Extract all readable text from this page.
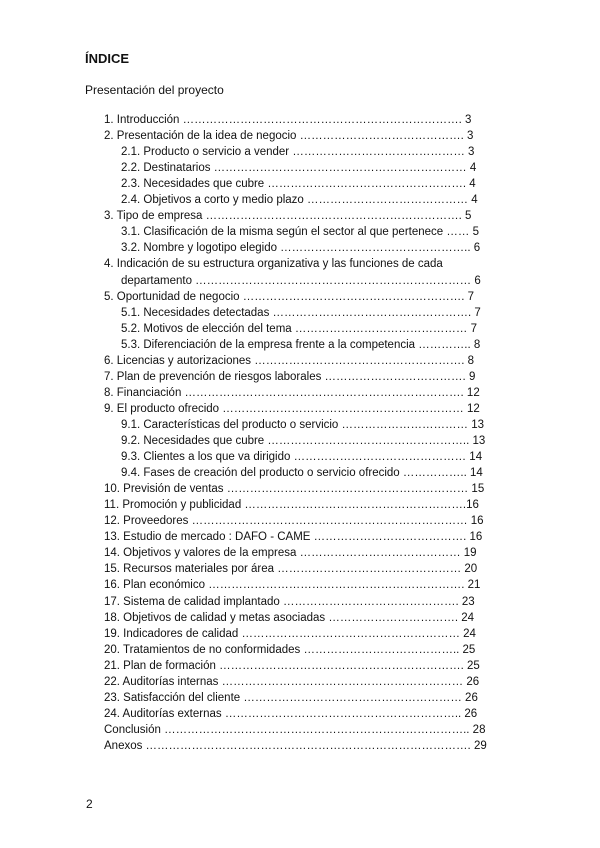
ÍNDICE
Presentación del proyecto
1. Introducción ………………………………………………………………. 3
2. Presentación de la idea de negocio ……………………………………. 3
2.1. Producto o servicio a vender ……………………………………… 3
2.2. Destinatarios ………………………………………………………… 4
2.3. Necesidades que cubre ……………………………………………. 4
2.4. Objetivos a corto y medio plazo …………………………………… 4
3. Tipo de empresa …………………………………………………………. 5
3.1. Clasificación de la misma según el sector al que pertenece …… 5
3.2. Nombre y logotipo elegido ………………………………………….. 6
4. Indicación de su estructura organizativa y las funciones de cada
departamento ……………………………………………………………… 6
5. Oportunidad de negocio …………………………………………………. 7
5.1. Necesidades detectadas ……………………………………………. 7
5.2. Motivos de elección del tema ……………………………………… 7
5.3. Diferenciación de la empresa frente a la competencia ………….. 8
6. Licencias y autorizaciones ………………………………………………. 8
7. Plan de prevención de riesgos laborales ………………………………. 9
8. Financiación ………………………………………………………………. 12
9. El producto ofrecido ……………………………………………………… 12
9.1. Características del producto o servicio …………………………… 13
9.2. Necesidades que cubre …………………………………………….. 13
9.3. Clientes a los que va dirigido ……………………………………… 14
9.4. Fases de creación del producto o servicio ofrecido …………….. 14
10. Previsión de ventas ……………………………………………………… 15
11. Promoción y publicidad ………………………………………………….16
12. Proveedores ……………………………………………………………… 16
13. Estudio de mercado : DAFO - CAME …………………………………. 16
14. Objetivos y valores de la empresa …………………………………… 19
15. Recursos materiales por área ………………………………………… 20
16. Plan económico …………………………………………………………. 21
17. Sistema de calidad implantado ………………………………………. 23
18. Objetivos de calidad y metas asociadas ……………………………. 24
19. Indicadores de calidad ………………………………………………… 24
20. Tratamientos de no conformidades ………………………………….. 25
21. Plan de formación ………………………………………………………. 25
22. Auditorías internas ……………………………………………………… 26
23. Satisfacción del cliente ………………………………………………… 26
24. Auditorías externas …………………………………………………….. 26
Conclusión …………………………………………………………………….. 28
Anexos …………………………………………………………………………. 29
2
